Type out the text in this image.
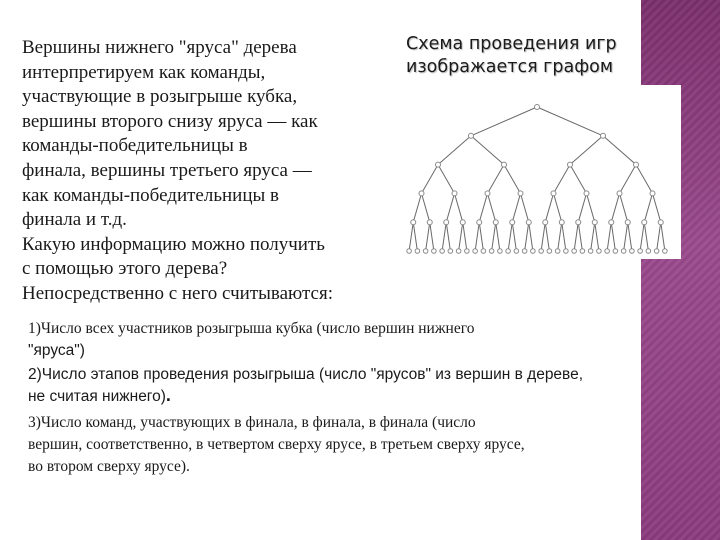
Вершины нижнего "яруса" дерева
интерпретируем как команды,
участвующие в розыгрыше кубка,
вершины второго снизу яруса — как
команды-победительницы в
финала, вершины третьего яруса —
как команды-победительницы в
финала и т.д.
Какую информацию можно получить
с помощью этого дерева?
Непосредственно с него считываются:
Схема проведения игр
изображается графом
1)Число всех участников розыгрыша кубка (число вершин нижнего
"яруса")
2)Число этапов проведения розыгрыша (число "ярусов" из вершин в дереве,
не считая нижнего).
3)Число команд, участвующих в финала, в финала, в финала (число
вершин, соответственно, в четвертом сверху ярусе, в третьем сверху ярусе,
во втором сверху ярусе).
